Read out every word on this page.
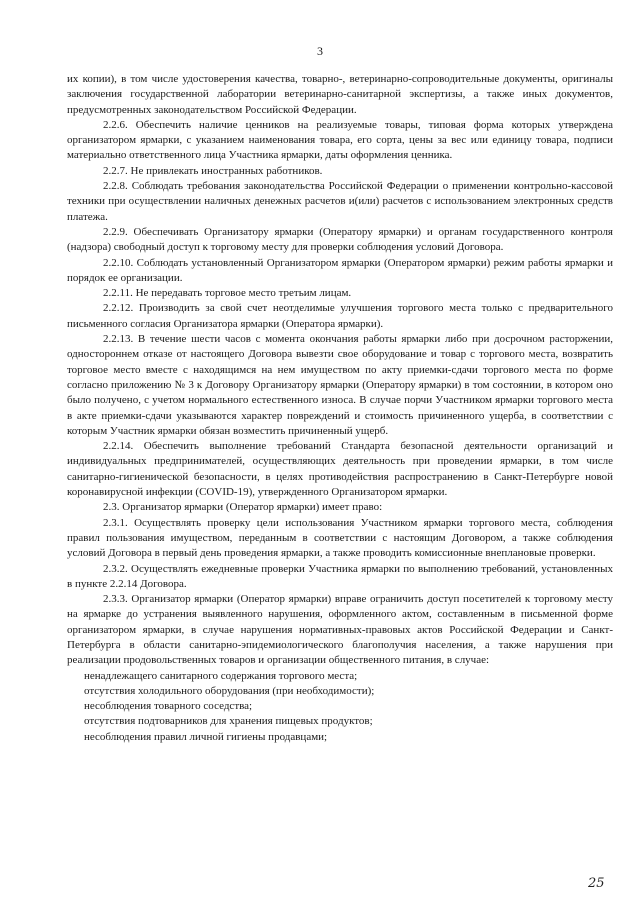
3

их копии), в том числе удостоверения качества, товарно-, ветеринарно-сопроводительные документы, оригиналы заключения государственной лаборатории ветеринарно-санитарной экспертизы, а также иных документов, предусмотренных законодательством Российской Федерации.

2.2.6. Обеспечить наличие ценников на реализуемые товары, типовая форма которых утверждена организатором ярмарки, с указанием наименования товара, его сорта, цены за вес или единицу товара, подписи материально ответственного лица Участника ярмарки, даты оформления ценника.

2.2.7. Не привлекать иностранных работников.

2.2.8. Соблюдать требования законодательства Российской Федерации о применении контрольно-кассовой техники при осуществлении наличных денежных расчетов и(или) расчетов с использованием электронных средств платежа.

2.2.9. Обеспечивать Организатору ярмарки (Оператору ярмарки) и органам государственного контроля (надзора) свободный доступ к торговому месту для проверки соблюдения условий Договора.

2.2.10. Соблюдать установленный Организатором ярмарки (Оператором ярмарки) режим работы ярмарки и порядок ее организации.

2.2.11. Не передавать торговое место третьим лицам.

2.2.12. Производить за свой счет неотделимые улучшения торгового места только с предварительного письменного согласия Организатора ярмарки (Оператора ярмарки).

2.2.13. В течение шести часов с момента окончания работы ярмарки либо при досрочном расторжении, одностороннем отказе от настоящего Договора вывезти свое оборудование и товар с торгового места, возвратить торговое место вместе с находящимся на нем имуществом по акту приемки-сдачи торгового места по форме согласно приложению № 3 к Договору Организатору ярмарки (Оператору ярмарки) в том состоянии, в котором оно было получено, с учетом нормального естественного износа. В случае порчи Участником ярмарки торгового места в акте приемки-сдачи указываются характер повреждений и стоимость причиненного ущерба, в соответствии с которым Участник ярмарки обязан возместить причиненный ущерб.

2.2.14. Обеспечить выполнение требований Стандарта безопасной деятельности организаций и индивидуальных предпринимателей, осуществляющих деятельность при проведении ярмарки, в том числе санитарно-гигиенической безопасности, в целях противодействия распространению в Санкт-Петербурге новой коронавирусной инфекции (COVID-19), утвержденного Организатором ярмарки.

2.3. Организатор ярмарки (Оператор ярмарки) имеет право:

2.3.1. Осуществлять проверку цели использования Участником ярмарки торгового места, соблюдения правил пользования имуществом, переданным в соответствии с настоящим Договором, а также соблюдения условий Договора в первый день проведения ярмарки, а также проводить комиссионные внеплановые проверки.

2.3.2. Осуществлять ежедневные проверки Участника ярмарки по выполнению требований, установленных в пункте 2.2.14 Договора.

2.3.3. Организатор ярмарки (Оператор ярмарки) вправе ограничить доступ посетителей к торговому месту на ярмарке до устранения выявленного нарушения, оформленного актом, составленным в письменной форме организатором ярмарки, в случае нарушения нормативных-правовых актов Российской Федерации и Санкт-Петербурга в области санитарно-эпидемиологического благополучия населения, а также нарушения при реализации продовольственных товаров и организации общественного питания, в случае:

ненадлежащего санитарного содержания торгового места;

отсутствия холодильного оборудования (при необходимости);

несоблюдения товарного соседства;

отсутствия подтоварников для хранения пищевых продуктов;

несоблюдения правил личной гигиены продавцами;

25
